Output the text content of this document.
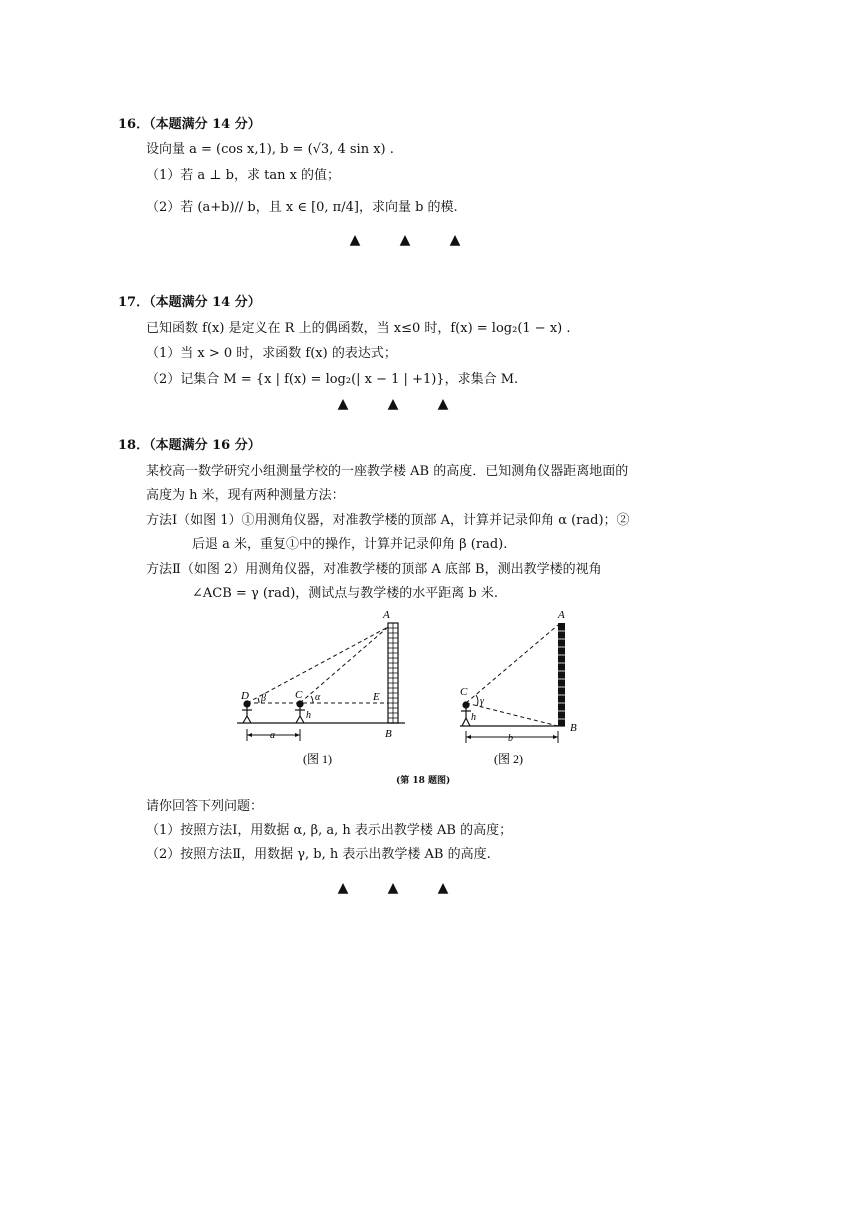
16．（本题满分 14 分）
设向量 a = (cos x,1), b = (√3, 4 sin x) .
（1）若 a ⊥ b，求 tan x 的值；
（2）若 (a+b)// b，且 x ∈ [0, π/4]，求向量 b 的模.
▲	▲	▲
17．（本题满分 14 分）
已知函数 f(x) 是定义在 R 上的偶函数，当 x≤0 时，f(x) = log₂(1 − x) .
（1）当 x > 0 时，求函数 f(x) 的表达式；
（2）记集合 M = {x | f(x) = log₂(| x − 1 | +1)}，求集合 M.
▲	▲	▲
18．（本题满分 16 分）
某校高一数学研究小组测量学校的一座教学楼 AB 的高度．已知测角仪器距离地面的
高度为 h 米，现有两种测量方法：
方法Ⅰ（如图 1）①用测角仪器，对准教学楼的顶部 A，计算并记录仰角 α (rad)；②
后退 a 米，重复①中的操作，计算并记录仰角 β (rad).
方法Ⅱ（如图 2）用测角仪器，对准教学楼的顶部 A 底部 B，测出教学楼的视角
∠ACB = γ (rad)，测试点与教学楼的水平距离 b 米.
A
B
C
D	E
β	α
h
a
(图 1)
A
B
C
γ
h
b
(图 2)
(第 18 题图)
请你回答下列问题：
（1）按照方法Ⅰ，用数据 α, β, a, h 表示出教学楼 AB 的高度；
（2）按照方法Ⅱ，用数据 γ, b, h 表示出教学楼 AB 的高度.
▲	▲	▲
